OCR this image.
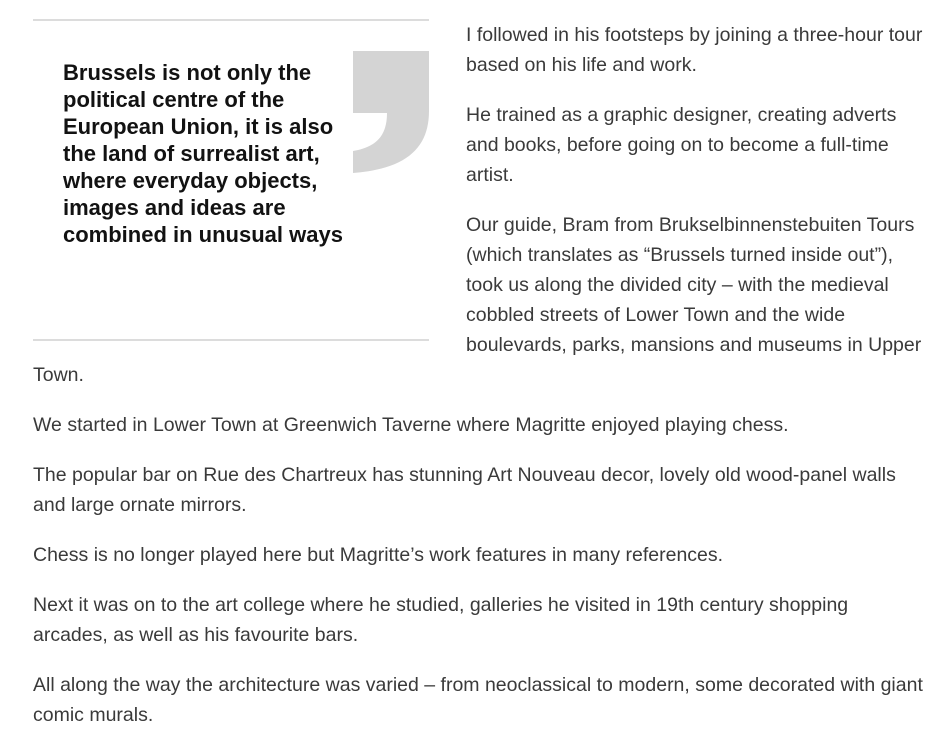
Brussels is not only the political centre of the European Union, it is also the land of surrealist art, where everyday objects, images and ideas are combined in unusual ways

I followed in his footsteps by joining a three-hour tour based on his life and work.

He trained as a graphic designer, creating adverts and books, before going on to become a full-time artist.

Our guide, Bram from Brukselbinnenstebuiten Tours (which translates as “Brussels turned inside out”), took us along the divided city – with the medieval cobbled streets of Lower Town and the wide boulevards, parks, mansions and museums in Upper Town.

We started in Lower Town at Greenwich Taverne where Magritte enjoyed playing chess.

The popular bar on Rue des Chartreux has stunning Art Nouveau decor, lovely old wood-panel walls and large ornate mirrors.

Chess is no longer played here but Magritte’s work features in many references.

Next it was on to the art college where he studied, galleries he visited in 19th century shopping arcades, as well as his favourite bars.

All along the way the architecture was varied – from neoclassical to modern, some decorated with giant comic murals.
